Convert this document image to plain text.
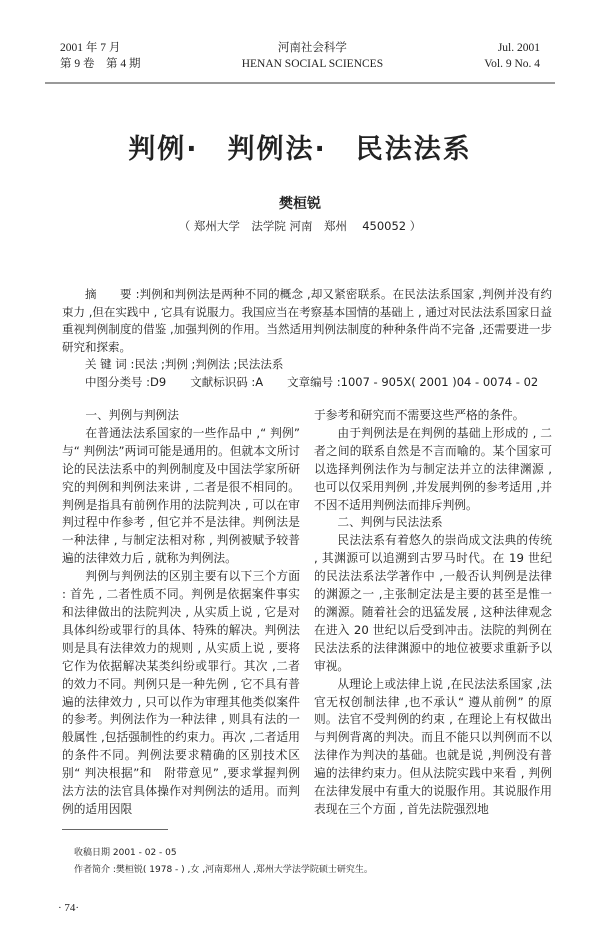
2001 年 7 月
第 9 卷　第 4 期
河南社会科学
HENAN SOCIAL SCIENCES
Jul. 2001
Vol. 9 No. 4
判例·　判例法·　民法法系
樊桓锐
（ 郑州大学　法学院 河南　郑州　 450052 ）

摘　　要 :判例和判例法是两种不同的概念 ,却又紧密联系。在民法法系国家 ,判例并没有约束力 ,但在实践中 , 它具有说服力。我国应当在考察基本国情的基础上 , 通过对民法法系国家日益重视判例制度的借鉴 ,加强判例的作用。当然适用判例法制度的种种条件尚不完备 ,还需要进一步研究和探索。

关 键 词 :民法 ;判例 ;判例法 ;民法法系

中图分类号 :D9 文献标识码 :A 文章编号 :1007 - 905X( 2001 )04 - 0074 - 02

一、判例与判例法

在普通法法系国家的一些作品中 ,“ 判例” 与“ 判例法”两词可能是通用的。但就本文所讨论的民法法系中的判例制度及中国法学家所研究的判例和判例法来讲 , 二者是很不相同的。判例是指具有前例作用的法院判决 , 可以在审判过程中作参考 , 但它并不是法律。判例法是一种法律 , 与制定法相对称 , 判例被赋予较普遍的法律效力后 , 就称为判例法。

判例与判例法的区别主要有以下三个方面 : 首先 , 二者性质不同。判例是依据案件事实和法律做出的法院判决 , 从实质上说 , 它是对具体纠纷或罪行的具体、特殊的解决。判例法则是具有法律效力的规则 , 从实质上说 , 要将它作为依据解决某类纠纷或罪行。其次 ,二者的效力不同。判例只是一种先例 , 它不具有普遍的法律效力 , 只可以作为审理其他类似案件的参考。判例法作为一种法律 , 则具有法的一般属性 ,包括强制性的约束力。再次 ,二者适用的条件不同。判例法要求精确的区别技术区别“ 判决根据”和　附带意见” ,要求掌握判例法方法的法官具体操作对判例法的适用。而判例的适用因限

于参考和研究而不需要这些严格的条件。

由于判例法是在判例的基础上形成的 , 二者之间的联系自然是不言而喻的。某个国家可以选择判例法作为与制定法并立的法律渊源 , 也可以仅采用判例 ,并发展判例的参考适用 ,并不因不适用判例法而排斥判例。

二、判例与民法法系

民法法系有着悠久的崇尚成文法典的传统 , 其渊源可以追溯到古罗马时代。在 19 世纪的民法法系法学著作中 ,一般否认判例是法律的渊源之一 ,主张制定法是主要的甚至是惟一的渊源。随着社会的迅猛发展 , 这种法律观念在进入 20 世纪以后受到冲击。法院的判例在民法法系的法律渊源中的地位被要求重新予以审视。

从理论上或法律上说 ,在民法法系国家 ,法官无权创制法律 ,也不承认“ 遵从前例” 的原则。法官不受判例的约束 , 在理论上有权做出与判例背离的判决。而且不能只以判例而不以法律作为判决的基础。也就是说 ,判例没有普遍的法律约束力。但从法院实践中来看 , 判例在法律发展中有重大的说服作用。其说服作用表现在三个方面 , 首先法院强烈地

收稿日期 2001 - 02 - 05
作者简介 :樊桓锐( 1978 - ) ,女 ,河南郑州人 ,郑州大学法学院硕士研究生。
· 74·
